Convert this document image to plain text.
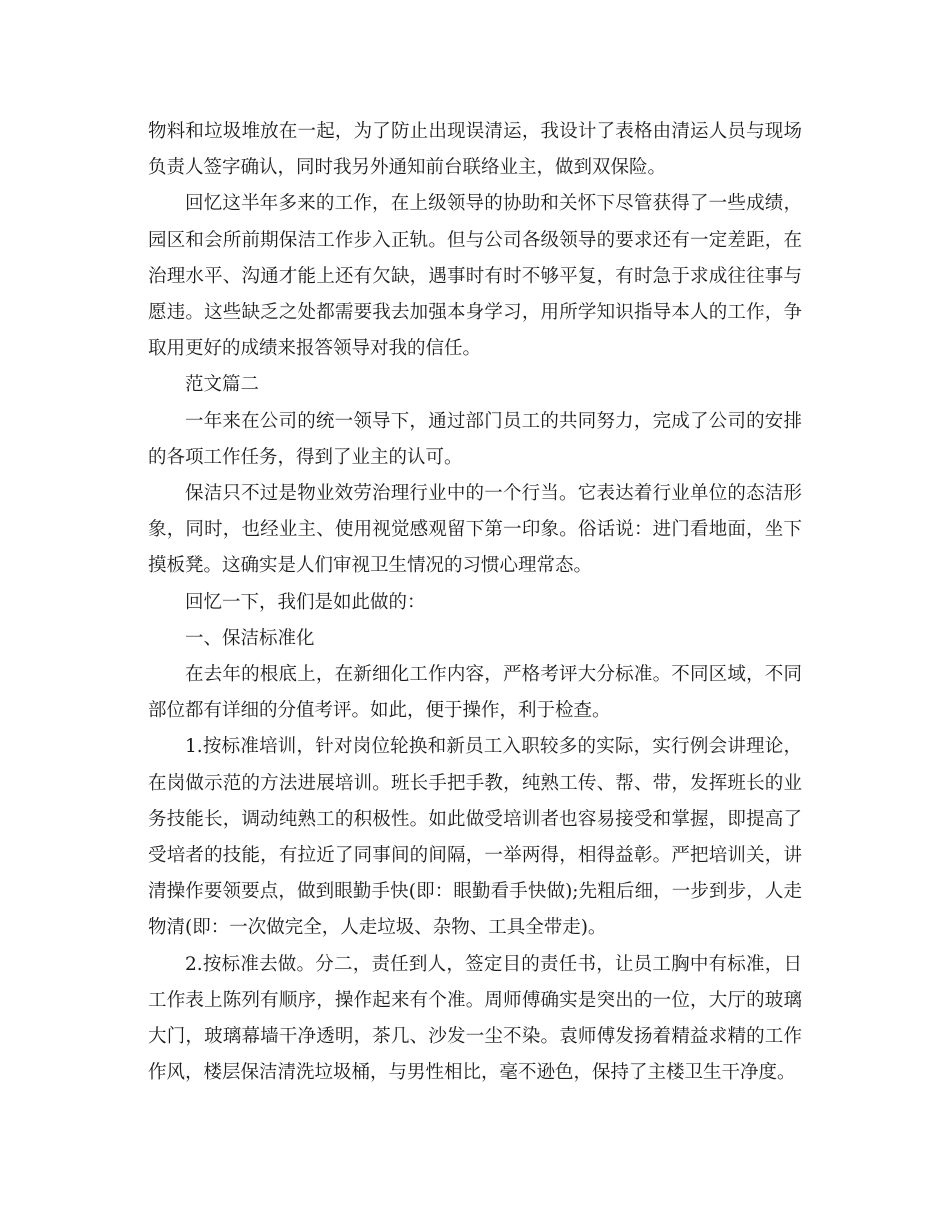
物料和垃圾堆放在一起，为了防止出现误清运，我设计了表格由清运人员与现场负责人签字确认，同时我另外通知前台联络业主，做到双保险。

回忆这半年多来的工作，在上级领导的协助和关怀下尽管获得了一些成绩，园区和会所前期保洁工作步入正轨。但与公司各级领导的要求还有一定差距，在治理水平、沟通才能上还有欠缺，遇事时有时不够平复，有时急于求成往往事与愿违。这些缺乏之处都需要我去加强本身学习，用所学知识指导本人的工作，争取用更好的成绩来报答领导对我的信任。

范文篇二

一年来在公司的统一领导下，通过部门员工的共同努力，完成了公司的安排的各项工作任务，得到了业主的认可。

保洁只不过是物业效劳治理行业中的一个行当。它表达着行业单位的态洁形象，同时，也经业主、使用视觉感观留下第一印象。俗话说：进门看地面，坐下摸板凳。这确实是人们审视卫生情况的习惯心理常态。

回忆一下，我们是如此做的：

一、保洁标准化

在去年的根底上，在新细化工作内容，严格考评大分标准。不同区域，不同部位都有详细的分值考评。如此，便于操作，利于检查。

1.按标准培训，针对岗位轮换和新员工入职较多的实际，实行例会讲理论，在岗做示范的方法进展培训。班长手把手教，纯熟工传、帮、带，发挥班长的业务技能长，调动纯熟工的积极性。如此做受培训者也容易接受和掌握，即提高了受培者的技能，有拉近了同事间的间隔，一举两得，相得益彰。严把培训关，讲清操作要领要点，做到眼勤手快(即：眼勤看手快做);先粗后细，一步到步，人走物清(即：一次做完全，人走垃圾、杂物、工具全带走)。

2.按标准去做。分二，责任到人，签定目的责任书，让员工胸中有标准，日工作表上陈列有顺序，操作起来有个准。周师傅确实是突出的一位，大厅的玻璃大门，玻璃幕墙干净透明，茶几、沙发一尘不染。袁师傅发扬着精益求精的工作作风，楼层保洁清洗垃圾桶，与男性相比，毫不逊色，保持了主楼卫生干净度。
